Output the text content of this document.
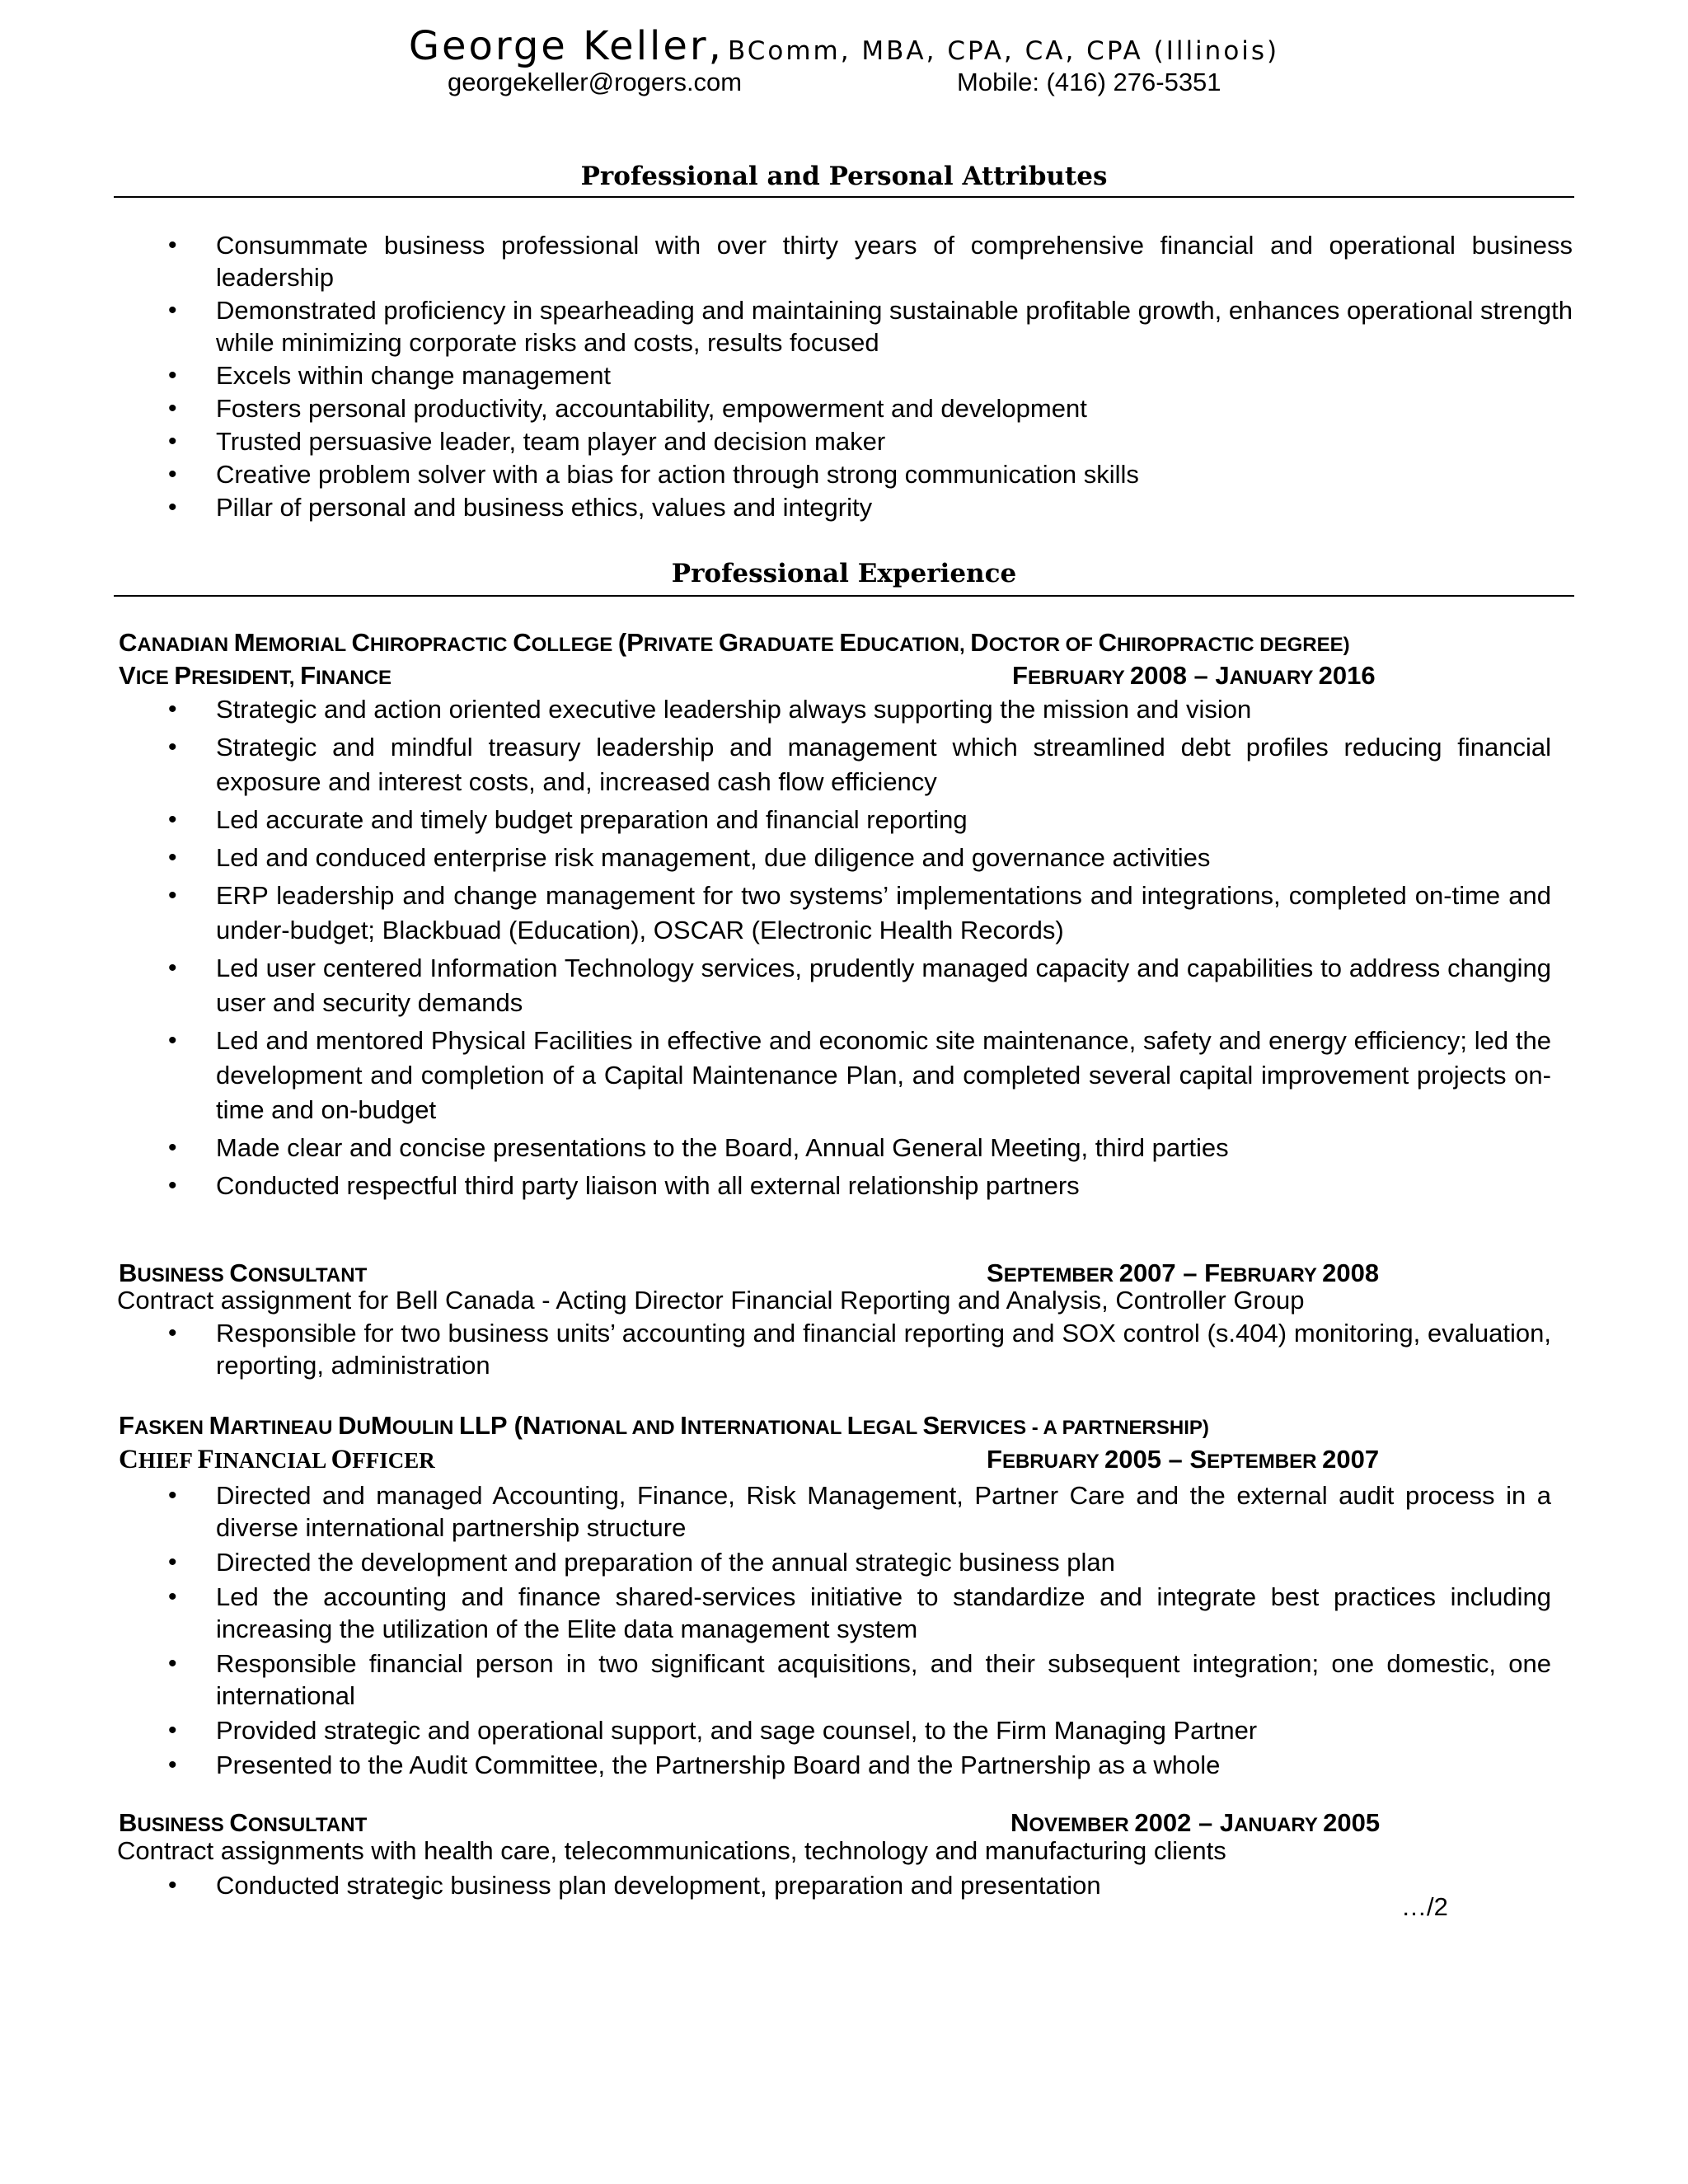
George Keller, BComm, MBA, CPA, CA, CPA (Illinois)
georgekeller@rogers.com	Mobile: (416) 276-5351
Professional and Personal Attributes
• Consummate business professional with over thirty years of comprehensive financial and operational business leadership
• Demonstrated proficiency in spearheading and maintaining sustainable profitable growth, enhances operational strength while minimizing corporate risks and costs, results focused
• Excels within change management
• Fosters personal productivity, accountability, empowerment and development
• Trusted persuasive leader, team player and decision maker
• Creative problem solver with a bias for action through strong communication skills
• Pillar of personal and business ethics, values and integrity
Professional Experience
CANADIAN MEMORIAL CHIROPRACTIC COLLEGE (PRIVATE GRADUATE EDUCATION, DOCTOR OF CHIROPRACTIC DEGREE)
VICE PRESIDENT, FINANCE	FEBRUARY 2008 – JANUARY 2016
• Strategic and action oriented executive leadership always supporting the mission and vision
• Strategic and mindful treasury leadership and management which streamlined debt profiles reducing financial exposure and interest costs, and, increased cash flow efficiency
• Led accurate and timely budget preparation and financial reporting
• Led and conduced enterprise risk management, due diligence and governance activities
• ERP leadership and change management for two systems’ implementations and integrations, completed on-time and under-budget; Blackbuad (Education), OSCAR (Electronic Health Records)
• Led user centered Information Technology services, prudently managed capacity and capabilities to address changing user and security demands
• Led and mentored Physical Facilities in effective and economic site maintenance, safety and energy efficiency; led the development and completion of a Capital Maintenance Plan, and completed several capital improvement projects on-time and on-budget
• Made clear and concise presentations to the Board, Annual General Meeting, third parties
• Conducted respectful third party liaison with all external relationship partners
BUSINESS CONSULTANT	SEPTEMBER 2007 – FEBRUARY 2008
Contract assignment for Bell Canada - Acting Director Financial Reporting and Analysis, Controller Group
• Responsible for two business units’ accounting and financial reporting and SOX control (s.404) monitoring, evaluation, reporting, administration
FASKEN MARTINEAU DUMOULIN LLP (NATIONAL AND INTERNATIONAL LEGAL SERVICES - A PARTNERSHIP)
CHIEF FINANCIAL OFFICER	FEBRUARY 2005 – SEPTEMBER 2007
• Directed and managed Accounting, Finance, Risk Management, Partner Care and the external audit process in a diverse international partnership structure
• Directed the development and preparation of the annual strategic business plan
• Led the accounting and finance shared-services initiative to standardize and integrate best practices including increasing the utilization of the Elite data management system
• Responsible financial person in two significant acquisitions, and their subsequent integration; one domestic, one international
• Provided strategic and operational support, and sage counsel, to the Firm Managing Partner
• Presented to the Audit Committee, the Partnership Board and the Partnership as a whole
BUSINESS CONSULTANT	NOVEMBER 2002 – JANUARY 2005
Contract assignments with health care, telecommunications, technology and manufacturing clients
• Conducted strategic business plan development, preparation and presentation
…/2
